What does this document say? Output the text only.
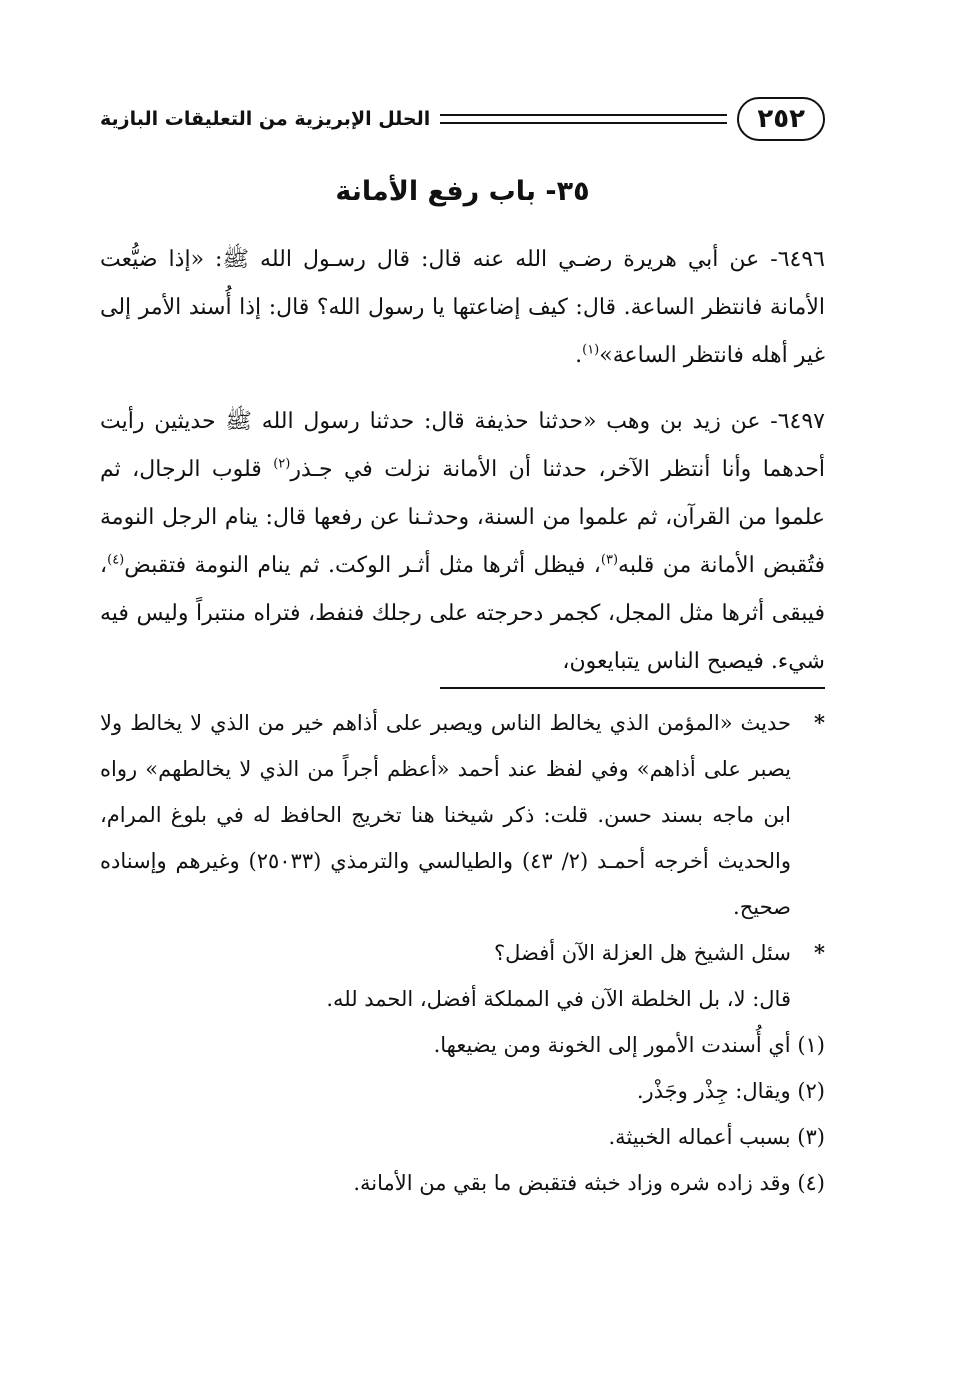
٢٥٢
الحلل الإبريزية من التعليقات البازية
٣٥- باب رفع الأمانة

٦٤٩٦- عن أبي هريرة رضـي الله عنه قال: قال رسـول الله ﷺ: «إذا ضيُّعت الأمانة فانتظر الساعة. قال: كيف إضاعتها يا رسول الله؟ قال: إذا أُسند الأمر إلى غير أهله فانتظر الساعة»$^{(١)}$.

٦٤٩٧- عن زيد بن وهب «حدثنا حذيفة قال: حدثنا رسول الله ﷺ حديثين رأيت أحدهما وأنا أنتظر الآخر، حدثنا أن الأمانة نزلت في جـذر$^{(٢)}$ قلوب الرجال، ثم علموا من القرآن، ثم علموا من السنة، وحدثـنا عن رفعها قال: ينام الرجل النومة فتُقبض الأمانة من قلبه$^{(٣)}$، فيظل أثرها مثل أثـر الوكت. ثم ينام النومة فتقبض$^{(٤)}$، فيبقى أثرها مثل المجل، كجمر دحرجته على رجلك فنفط، فتراه منتبراً وليس فيه شيء. فيصبح الناس يتبايعون،

*حديث «المؤمن الذي يخالط الناس ويصبر على أذاهم خير من الذي لا يخالط ولا يصبر على أذاهم» وفي لفظ عند أحمد «أعظم أجراً من الذي لا يخالطهم» رواه ابن ماجه بسند حسن. قلت: ذكر شيخنا هنا تخريج الحافظ له في بلوغ المرام، والحديث أخرجه أحمـد (٢/ ٤٣) والطيالسي والترمذي (٢٥٠٣٣) وغيرهم وإسناده صحيح.

*سئل الشيخ هل العزلة الآن أفضل؟

قال: لا، بل الخلطة الآن في المملكة أفضل، الحمد لله.

(١) أي أُسندت الأمور إلى الخونة ومن يضيعها.

(٢) ويقال: جِذْر وجَذْر.

(٣) بسبب أعماله الخبيثة.

(٤) وقد زاده شره وزاد خبثه فتقبض ما بقي من الأمانة.
